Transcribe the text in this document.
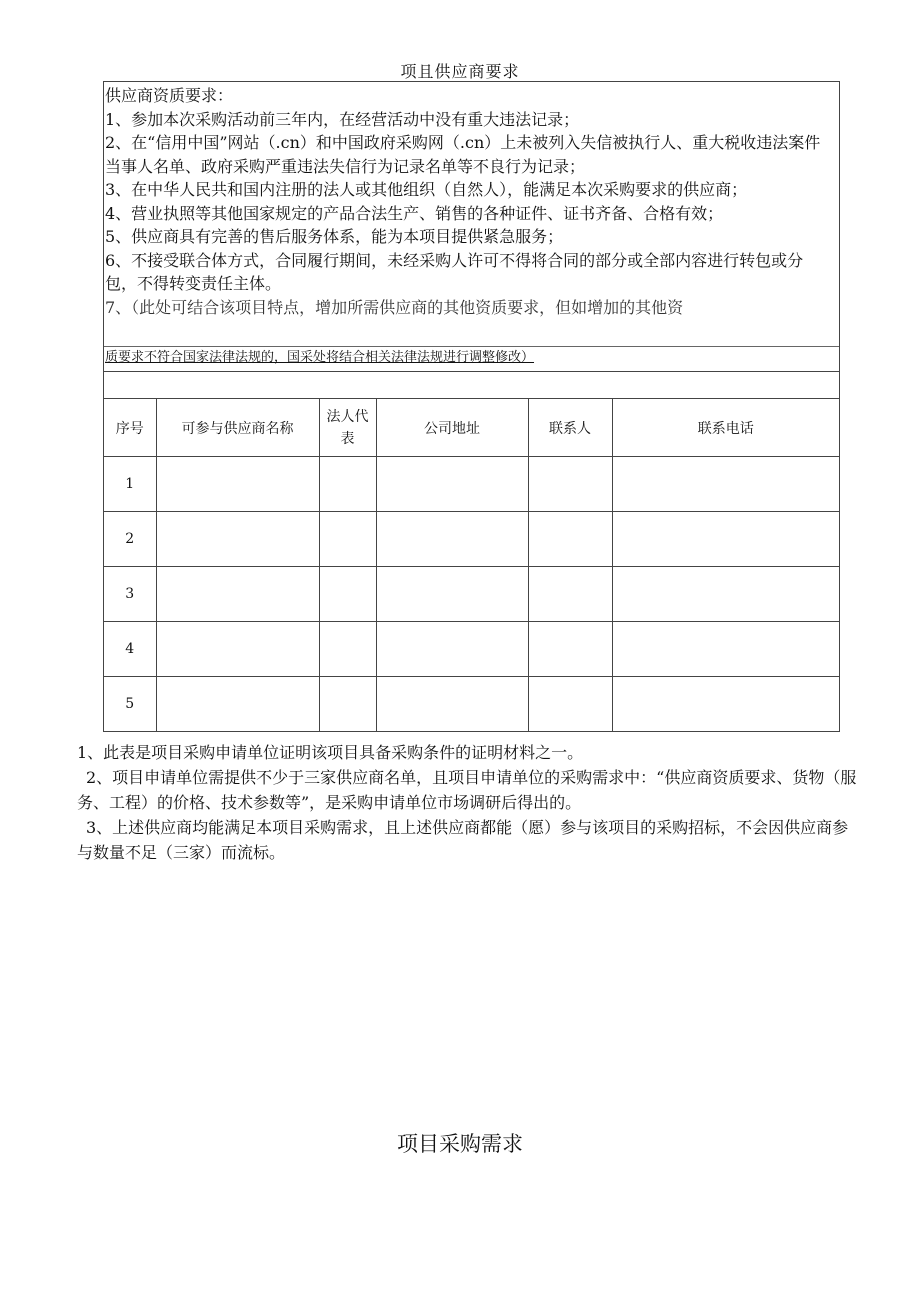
项且供应商要求

供应商资质要求：

1、参加本次采购活动前三年内，在经营活动中没有重大违法记录；

2、在“信用中国”网站（.cn）和中国政府采购网（.cn）上未被列入失信被执行人、重大税收违法案件当事人名单、政府采购严重违法失信行为记录名单等不良行为记录；

3、在中华人民共和国内注册的法人或其他组织（自然人），能满足本次采购要求的供应商；

4、营业执照等其他国家规定的产品合法生产、销售的各种证件、证书齐备、合格有效；

5、供应商具有完善的售后服务体系，能为本项目提供紧急服务；

6、不接受联合体方式，合同履行期间，未经采购人许可不得将合同的部分或全部内容进行转包或分包，不得转变责任主体。

7、（此处可结合该项目特点，增加所需供应商的其他资质要求，但如增加的其他资
质要求不符合国家法律法规的，国采处将结合相关法律法规进行调整修改）
序号	可参与供应商名称	法人代表	公司地址	联系人	联系电话
1					
2					
3					
4					
5					

1、此表是项目采购申请单位证明该项目具备采购条件的证明材料之一。

2、项目申请单位需提供不少于三家供应商名单，且项目申请单位的采购需求中：“供应商资质要求、货物（服务、工程）的价格、技术参数等”，是采购申请单位市场调研后得出的。

3、上述供应商均能满足本项目采购需求，且上述供应商都能（愿）参与该项目的采购招标，不会因供应商参与数量不足（三家）而流标。

项目采购需求
